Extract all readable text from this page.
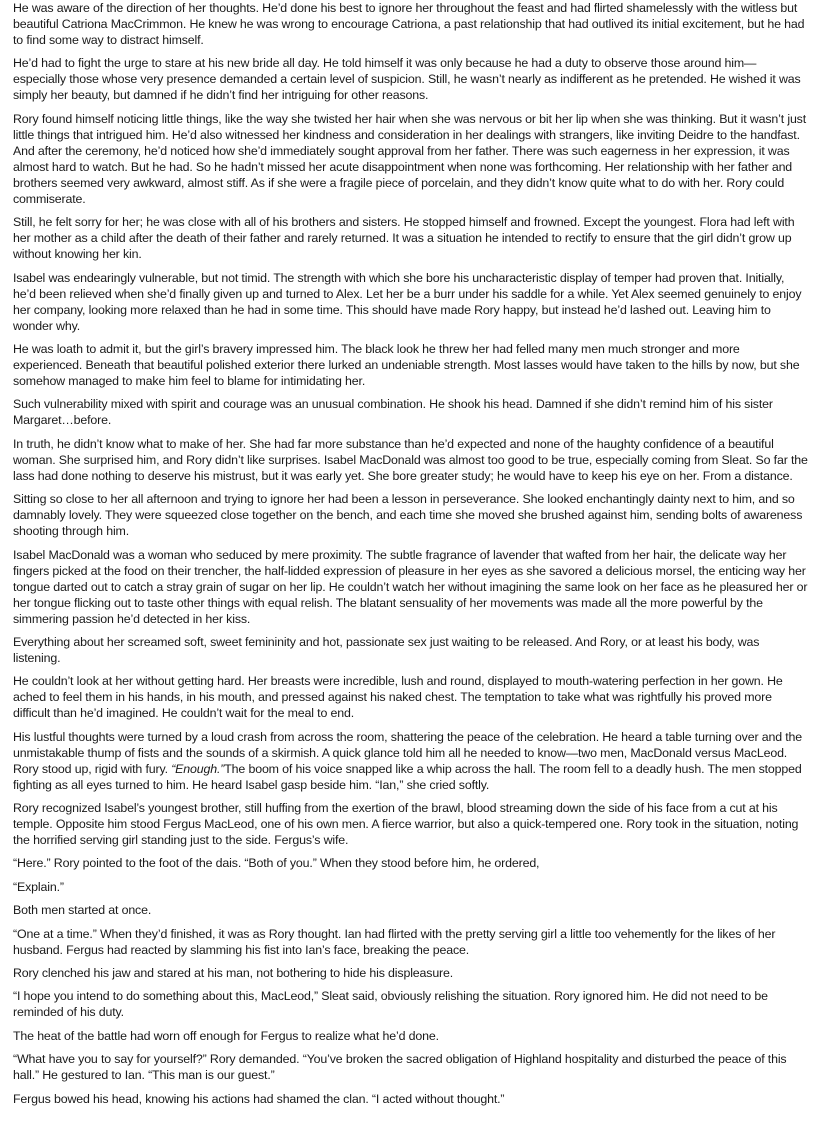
He was aware of the direction of her thoughts. He’d done his best to ignore her throughout the feast and had flirted shamelessly with the witless but beautiful Catriona MacCrimmon. He knew he was wrong to encourage Catriona, a past relationship that had outlived its initial excitement, but he had to find some way to distract himself.

He’d had to fight the urge to stare at his new bride all day. He told himself it was only because he had a duty to observe those around him—especially those whose very presence demanded a certain level of suspicion. Still, he wasn’t nearly as indifferent as he pretended. He wished it was simply her beauty, but damned if he didn’t find her intriguing for other reasons.

Rory found himself noticing little things, like the way she twisted her hair when she was nervous or bit her lip when she was thinking. But it wasn’t just little things that intrigued him. He’d also witnessed her kindness and consideration in her dealings with strangers, like inviting Deidre to the handfast. And after the ceremony, he’d noticed how she’d immediately sought approval from her father. There was such eagerness in her expression, it was almost hard to watch. But he had. So he hadn’t missed her acute disappointment when none was forthcoming. Her relationship with her father and brothers seemed very awkward, almost stiff. As if she were a fragile piece of porcelain, and they didn’t know quite what to do with her. Rory could commiserate.

Still, he felt sorry for her; he was close with all of his brothers and sisters. He stopped himself and frowned. Except the youngest. Flora had left with her mother as a child after the death of their father and rarely returned. It was a situation he intended to rectify to ensure that the girl didn’t grow up without knowing her kin.

Isabel was endearingly vulnerable, but not timid. The strength with which she bore his uncharacteristic display of temper had proven that. Initially, he’d been relieved when she’d finally given up and turned to Alex. Let her be a burr under his saddle for a while. Yet Alex seemed genuinely to enjoy her company, looking more relaxed than he had in some time. This should have made Rory happy, but instead he’d lashed out. Leaving him to wonder why.

He was loath to admit it, but the girl’s bravery impressed him. The black look he threw her had felled many men much stronger and more experienced. Beneath that beautiful polished exterior there lurked an undeniable strength. Most lasses would have taken to the hills by now, but she somehow managed to make him feel to blame for intimidating her.

Such vulnerability mixed with spirit and courage was an unusual combination. He shook his head. Damned if she didn’t remind him of his sister Margaret…before.

In truth, he didn’t know what to make of her. She had far more substance than he’d expected and none of the haughty confidence of a beautiful woman. She surprised him, and Rory didn’t like surprises. Isabel MacDonald was almost too good to be true, especially coming from Sleat. So far the lass had done nothing to deserve his mistrust, but it was early yet. She bore greater study; he would have to keep his eye on her. From a distance.

Sitting so close to her all afternoon and trying to ignore her had been a lesson in perseverance. She looked enchantingly dainty next to him, and so damnably lovely. They were squeezed close together on the bench, and each time she moved she brushed against him, sending bolts of awareness shooting through him.

Isabel MacDonald was a woman who seduced by mere proximity. The subtle fragrance of lavender that wafted from her hair, the delicate way her fingers picked at the food on their trencher, the half-lidded expression of pleasure in her eyes as she savored a delicious morsel, the enticing way her tongue darted out to catch a stray grain of sugar on her lip. He couldn’t watch her without imagining the same look on her face as he pleasured her or her tongue flicking out to taste other things with equal relish. The blatant sensuality of her movements was made all the more powerful by the simmering passion he’d detected in her kiss.

Everything about her screamed soft, sweet femininity and hot, passionate sex just waiting to be released. And Rory, or at least his body, was listening.

He couldn’t look at her without getting hard. Her breasts were incredible, lush and round, displayed to mouth-watering perfection in her gown. He ached to feel them in his hands, in his mouth, and pressed against his naked chest. The temptation to take what was rightfully his proved more difficult than he’d imagined. He couldn’t wait for the meal to end.

His lustful thoughts were turned by a loud crash from across the room, shattering the peace of the celebration. He heard a table turning over and the unmistakable thump of fists and the sounds of a skirmish. A quick glance told him all he needed to know—two men, MacDonald versus MacLeod. Rory stood up, rigid with fury. “Enough.”The boom of his voice snapped like a whip across the hall. The room fell to a deadly hush. The men stopped fighting as all eyes turned to him. He heard Isabel gasp beside him. “Ian,” she cried softly.

Rory recognized Isabel’s youngest brother, still huffing from the exertion of the brawl, blood streaming down the side of his face from a cut at his temple. Opposite him stood Fergus MacLeod, one of his own men. A fierce warrior, but also a quick-tempered one. Rory took in the situation, noting the horrified serving girl standing just to the side. Fergus’s wife.

“Here.” Rory pointed to the foot of the dais. “Both of you.” When they stood before him, he ordered,

“Explain.”

Both men started at once.

“One at a time.” When they’d finished, it was as Rory thought. Ian had flirted with the pretty serving girl a little too vehemently for the likes of her husband. Fergus had reacted by slamming his fist into Ian’s face, breaking the peace.

Rory clenched his jaw and stared at his man, not bothering to hide his displeasure.

“I hope you intend to do something about this, MacLeod,” Sleat said, obviously relishing the situation. Rory ignored him. He did not need to be reminded of his duty.

The heat of the battle had worn off enough for Fergus to realize what he’d done.

“What have you to say for yourself?” Rory demanded. “You’ve broken the sacred obligation of Highland hospitality and disturbed the peace of this hall.” He gestured to Ian. “This man is our guest.”

Fergus bowed his head, knowing his actions had shamed the clan. “I acted without thought.”
